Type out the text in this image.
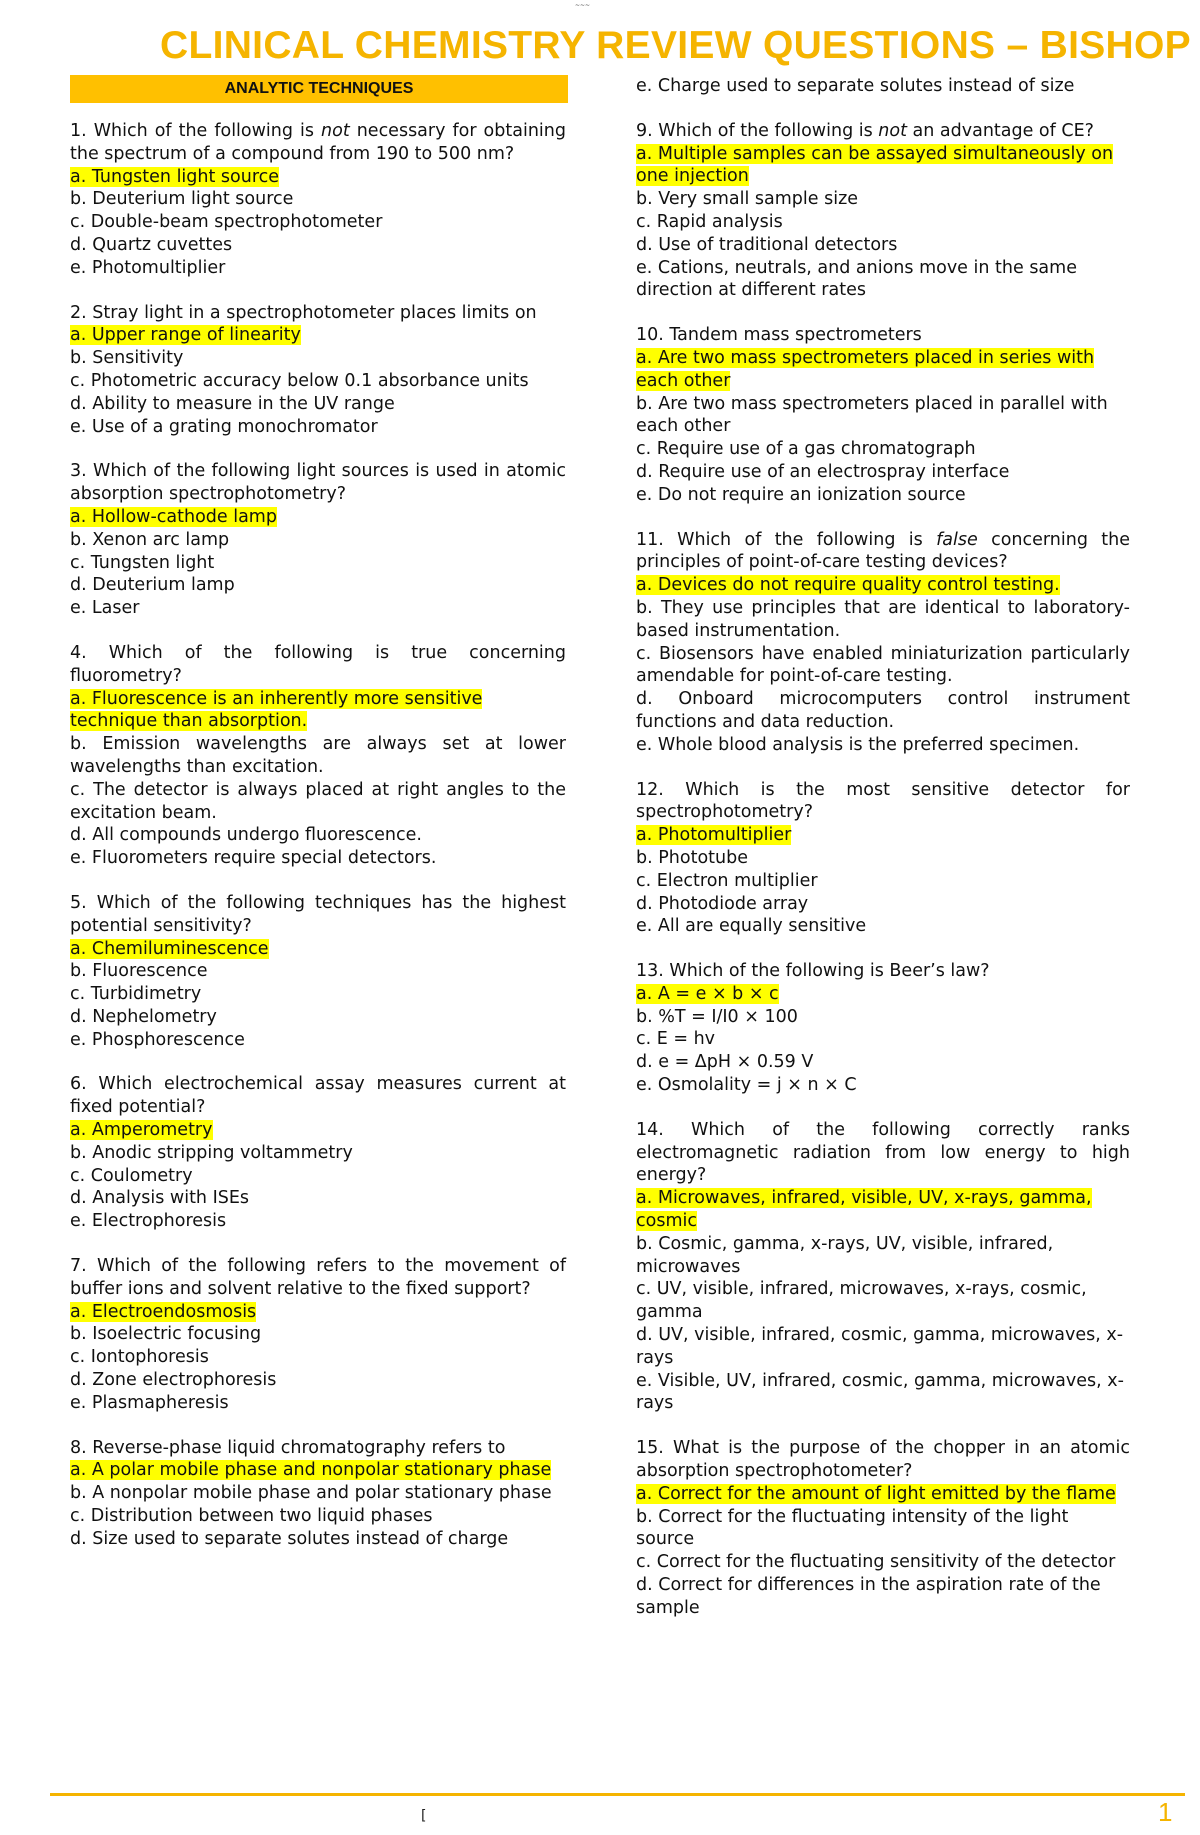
~~~
CLINICAL CHEMISTRY REVIEW QUESTIONS – BISHOP
ANALYTIC TECHNIQUES

1. Which of the following is not necessary for obtaining the spectrum of a compound from 190 to 500 nm?

a. Tungsten light source

b. Deuterium light source

c. Double-beam spectrophotometer

d. Quartz cuvettes

e. Photomultiplier

2. Stray light in a spectrophotometer places limits on

a. Upper range of linearity

b. Sensitivity

c. Photometric accuracy below 0.1 absorbance units

d. Ability to measure in the UV range

e. Use of a grating monochromator

3. Which of the following light sources is used in atomic absorption spectrophotometry?

a. Hollow-cathode lamp

b. Xenon arc lamp

c. Tungsten light

d. Deuterium lamp

e. Laser

4. Which of the following is true concerning fluorometry?

a. Fluorescence is an inherently more sensitive technique than absorption.

b. Emission wavelengths are always set at lower wavelengths than excitation.

c. The detector is always placed at right angles to the excitation beam.

d. All compounds undergo fluorescence.

e. Fluorometers require special detectors.

5. Which of the following techniques has the highest potential sensitivity?

a. Chemiluminescence

b. Fluorescence

c. Turbidimetry

d. Nephelometry

e. Phosphorescence

6. Which electrochemical assay measures current at fixed potential?

a. Amperometry

b. Anodic stripping voltammetry

c. Coulometry

d. Analysis with ISEs

e. Electrophoresis

7. Which of the following refers to the movement of buffer ions and solvent relative to the fixed support?

a. Electroendosmosis

b. Isoelectric focusing

c. Iontophoresis

d. Zone electrophoresis

e. Plasmapheresis

8. Reverse-phase liquid chromatography refers to

a. A polar mobile phase and nonpolar stationary phase

b. A nonpolar mobile phase and polar stationary phase

c. Distribution between two liquid phases

d. Size used to separate solutes instead of charge

e. Charge used to separate solutes instead of size

9. Which of the following is not an advantage of CE?

a. Multiple samples can be assayed simultaneously on one injection

b. Very small sample size

c. Rapid analysis

d. Use of traditional detectors

e. Cations, neutrals, and anions move in the same direction at different rates

10. Tandem mass spectrometers

a. Are two mass spectrometers placed in series with each other

b. Are two mass spectrometers placed in parallel with each other

c. Require use of a gas chromatograph

d. Require use of an electrospray interface

e. Do not require an ionization source

11. Which of the following is false concerning the principles of point-of-care testing devices?

a. Devices do not require quality control testing.

b. They use principles that are identical to laboratory- based instrumentation.

c. Biosensors have enabled miniaturization particularly amendable for point-of-care testing.

d. Onboard microcomputers control instrument functions and data reduction.

e. Whole blood analysis is the preferred specimen.

12. Which is the most sensitive detector for spectrophotometry?

a. Photomultiplier

b. Phototube

c. Electron multiplier

d. Photodiode array

e. All are equally sensitive

13. Which of the following is Beer’s law?

a. A = e × b × c

b. %T = I/I0 × 100

c. E = hv

d. e = ΔpH × 0.59 V

e. Osmolality = j × n × C

14. Which of the following correctly ranks electromagnetic radiation from low energy to high energy?

a. Microwaves, infrared, visible, UV, x-rays, gamma, cosmic

b. Cosmic, gamma, x-rays, UV, visible, infrared, microwaves

c. UV, visible, infrared, microwaves, x-rays, cosmic, gamma

d. UV, visible, infrared, cosmic, gamma, microwaves, x-rays

e. Visible, UV, infrared, cosmic, gamma, microwaves, x-rays

15. What is the purpose of the chopper in an atomic absorption spectrophotometer?

a. Correct for the amount of light emitted by the flame

b. Correct for the fluctuating intensity of the light source

c. Correct for the fluctuating sensitivity of the detector

d. Correct for differences in the aspiration rate of the sample

[	1
